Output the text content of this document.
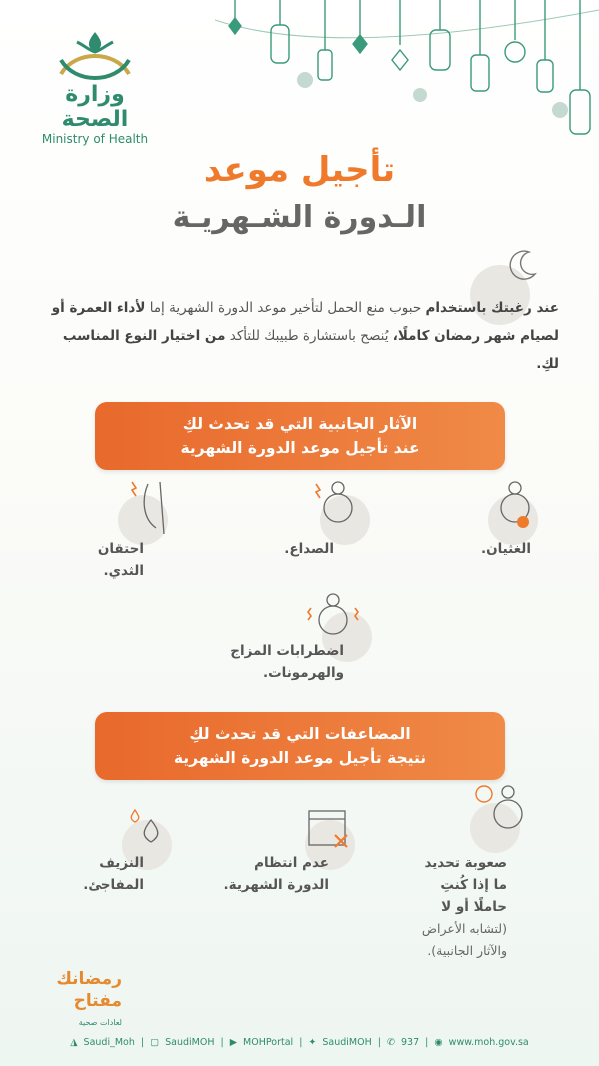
وزارة الصحة
Ministry of Health
تأجيل موعد
الـدورة الشـهريـة
عند رغبتك باستخدام حبوب منع الحمل لتأخير موعد الدورة الشهرية إما لأداء العمرة أو لصيام شهر رمضان كاملًا، يُنصح باستشارة طبيبك للتأكد من اختيار النوع المناسب لكِ.
الآثار الجانبية التي قد تحدث لكِ
عند تأجيل موعد الدورة الشهرية
الغثيان.
الصداع.
احتقان
الثدي.
اضطرابات المزاج
والهرمونات.
المضاعفات التي قد تحدث لكِ
نتيجة تأجيل موعد الدورة الشهرية
صعوبة تحديد
ما إذا كُنتِ
حاملًا أو لا
(لتشابه الأعراض
والآثار الجانبية).
عدم انتظام
الدورة الشهرية.
النزيف
المفاجئ.
رمضانك
مفتاح
لعادات صحية
◮ Saudi_Moh | ▢ SaudiMOH | ▶ MOHPortal | ✦ SaudiMOH | ✆ 937 | ◉ www.moh.gov.sa
